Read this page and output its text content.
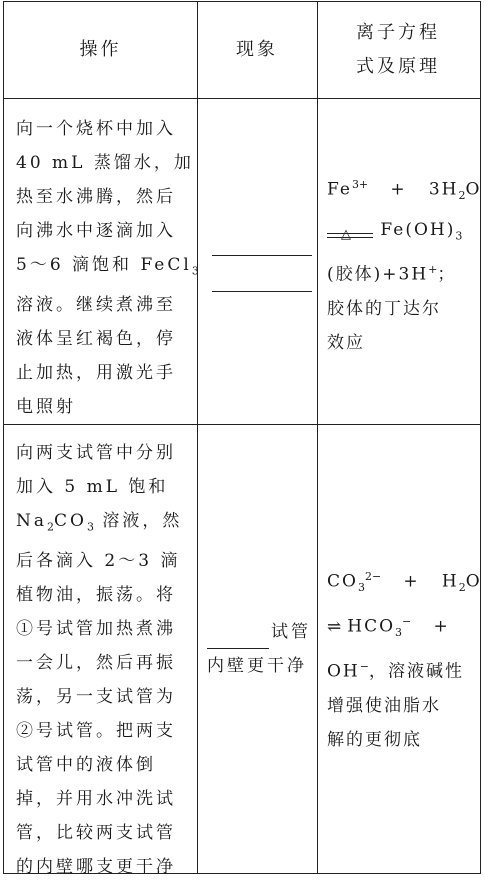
操作	现象
离子方程
式及原理
向一个烧杯中加入
40 mL 蒸馏水，加
热至水沸腾，然后
向沸水中逐滴加入
5～6 滴饱和 FeCl$_3$
溶液。继续煮沸至
液体呈红褐色，停
止加热，用激光手
电照射
$Fe^{3+} + 3H_2O$
△ $Fe(OH)_3$
(胶体)+3H+；
胶体的丁达尔
效应
向两支试管中分别
加入 5 mL 饱和
$Na_2CO_3$ 溶液，然
后各滴入 2～3 滴
植物油，振荡。将
①号试管加热煮沸
一会儿，然后再振
荡，另一支试管为
②号试管。把两支
试管中的液体倒
掉，并用水冲洗试
管，比较两支试管
的内壁哪支更干净
试管
内壁更干净
$CO_3^{2-} + H_2O$
⇌ $HCO_3^-$ +
OH−，溶液碱性
增强使油脂水
解的更彻底
